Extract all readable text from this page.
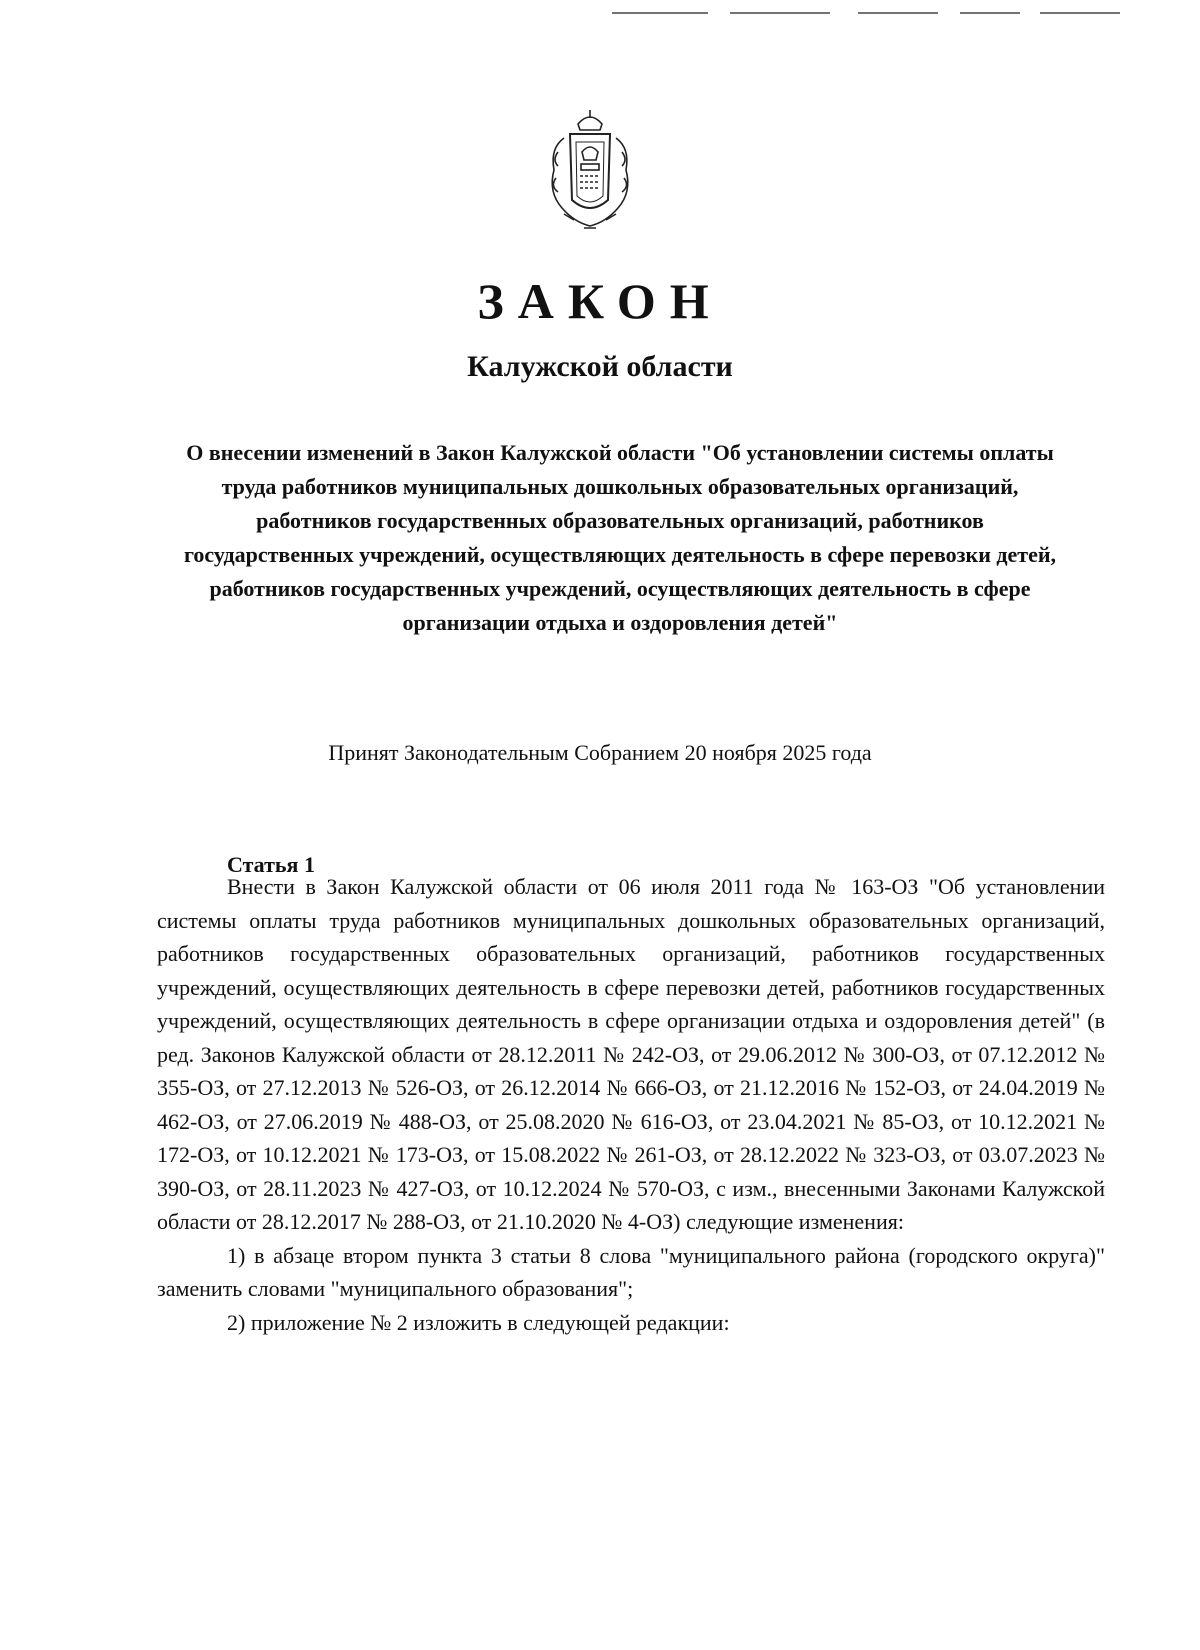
ЗАКОН
Калужской области
О внесении изменений в Закон Калужской области "Об установлении системы оплаты труда работников муниципальных дошкольных образовательных организаций, работников государственных образовательных организаций, работников государственных учреждений, осуществляющих деятельность в сфере перевозки детей, работников государственных учреждений, осуществляющих деятельность в сфере организации отдыха и оздоровления детей"
Принят Законодательным Собранием 20 ноября 2025 года
Статья 1

Внести в Закон Калужской области от 06 июля 2011 года № 163-ОЗ "Об установлении системы оплаты труда работников муниципальных дошкольных образовательных организаций, работников государственных образовательных организаций, работников государственных учреждений, осуществляющих деятельность в сфере перевозки детей, работников государственных учреждений, осуществляющих деятельность в сфере организации отдыха и оздоровления детей" (в ред. Законов Калужской области от 28.12.2011 № 242-ОЗ, от 29.06.2012 № 300-ОЗ, от 07.12.2012 № 355-ОЗ, от 27.12.2013 № 526-ОЗ, от 26.12.2014 № 666-ОЗ, от 21.12.2016 № 152-ОЗ, от 24.04.2019 № 462-ОЗ, от 27.06.2019 № 488-ОЗ, от 25.08.2020 № 616-ОЗ, от 23.04.2021 № 85-ОЗ, от 10.12.2021 № 172-ОЗ, от 10.12.2021 № 173-ОЗ, от 15.08.2022 № 261-ОЗ, от 28.12.2022 № 323-ОЗ, от 03.07.2023 № 390-ОЗ, от 28.11.2023 № 427-ОЗ, от 10.12.2024 № 570-ОЗ, с изм., внесенными Законами Калужской области от 28.12.2017 № 288-ОЗ, от 21.10.2020 № 4-ОЗ) следующие изменения:

1) в абзаце втором пункта 3 статьи 8 слова "муниципального района (городского округа)" заменить словами "муниципального образования";

2) приложение № 2 изложить в следующей редакции:
